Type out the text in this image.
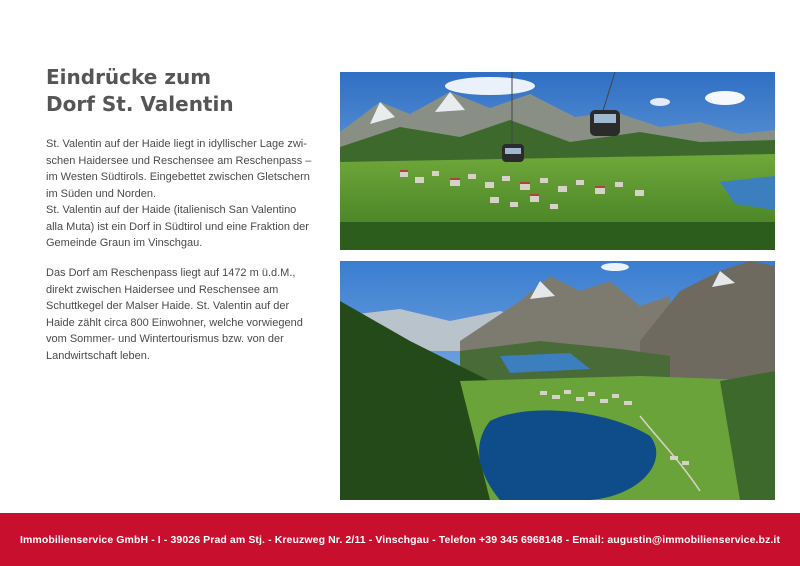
Eindrücke zum
Dorf St. Valentin
St. Valentin auf der Haide liegt in idyllischer Lage zwi-
schen Haidersee und Reschensee am Reschenpass –
im Westen Südtirols. Eingebettet zwischen Gletschern
im Süden und Norden.
St. Valentin auf der Haide (italienisch San Valentino
alla Muta) ist ein Dorf in Südtirol und eine Fraktion der
Gemeinde Graun im Vinschgau.
Das Dorf am Reschenpass liegt auf 1472 m ü.d.M.,
direkt zwischen Haidersee und Reschensee am
Schuttkegel der Malser Haide. St. Valentin auf der
Haide zählt circa 800 Einwohner, welche vorwiegend
vom Sommer- und Wintertourismus bzw. von der
Landwirtschaft leben.
Immobilienservice GmbH - I - 39026 Prad am Stj. - Kreuzweg Nr. 2/11 - Vinschgau - Telefon +39 345 6968148 - Email: augustin@immobilienservice.bz.it
